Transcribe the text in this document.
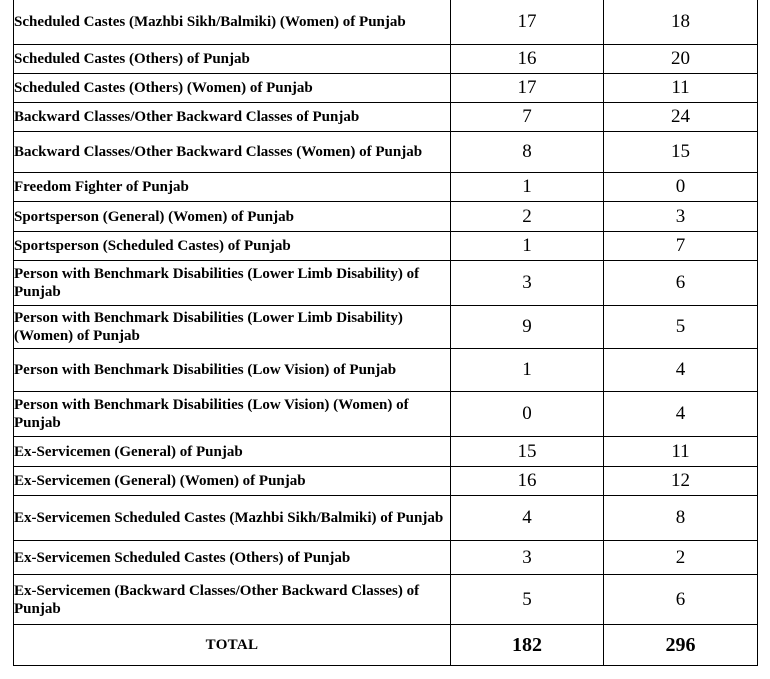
Scheduled Castes (Mazhbi Sikh/Balmiki) (Women) of Punjab	17	18
Scheduled Castes (Others) of Punjab	16	20
Scheduled Castes (Others) (Women) of Punjab	17	11
Backward Classes/Other Backward Classes of Punjab	7	24
Backward Classes/Other Backward Classes (Women) of Punjab	8	15
Freedom Fighter of Punjab	1	0
Sportsperson (General) (Women) of Punjab	2	3
Sportsperson (Scheduled Castes) of Punjab	1	7
Person with Benchmark Disabilities (Lower Limb Disability) of Punjab	3	6
Person with Benchmark Disabilities (Lower Limb Disability) (Women) of Punjab	9	5
Person with Benchmark Disabilities (Low Vision) of Punjab	1	4
Person with Benchmark Disabilities (Low Vision) (Women) of Punjab	0	4
Ex-Servicemen (General) of Punjab	15	11
Ex-Servicemen (General) (Women) of Punjab	16	12
Ex-Servicemen Scheduled Castes (Mazhbi Sikh/Balmiki) of Punjab	4	8
Ex-Servicemen Scheduled Castes (Others) of Punjab	3	2
Ex-Servicemen (Backward Classes/Other Backward Classes) of Punjab	5	6
TOTAL	182	296
